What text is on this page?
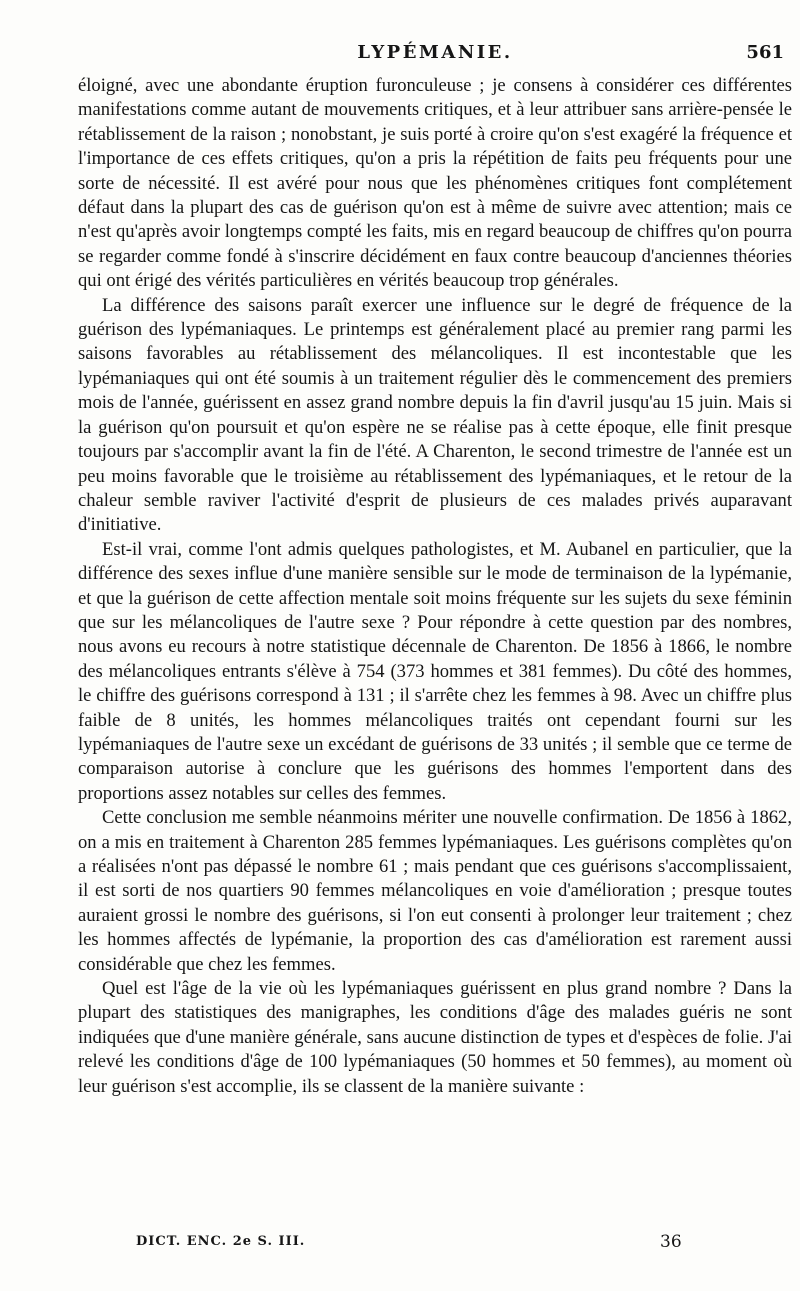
LYPÉMANIE.	561

éloigné, avec une abondante éruption furonculeuse ; je consens à considérer ces différentes manifestations comme autant de mouvements critiques, et à leur attribuer sans arrière-pensée le rétablissement de la raison ; nonobstant, je suis porté à croire qu'on s'est exagéré la fréquence et l'importance de ces effets critiques, qu'on a pris la répétition de faits peu fréquents pour une sorte de nécessité. Il est avéré pour nous que les phénomènes critiques font complétement défaut dans la plupart des cas de guérison qu'on est à même de suivre avec attention; mais ce n'est qu'après avoir longtemps compté les faits, mis en regard beaucoup de chiffres qu'on pourra se regarder comme fondé à s'inscrire décidément en faux contre beaucoup d'anciennes théories qui ont érigé des vérités particulières en vérités beaucoup trop générales.

La différence des saisons paraît exercer une influence sur le degré de fréquence de la guérison des lypémaniaques. Le printemps est généralement placé au premier rang parmi les saisons favorables au rétablissement des mélancoliques. Il est incontestable que les lypémaniaques qui ont été soumis à un traitement régulier dès le commencement des premiers mois de l'année, guérissent en assez grand nombre depuis la fin d'avril jusqu'au 15 juin. Mais si la guérison qu'on poursuit et qu'on espère ne se réalise pas à cette époque, elle finit presque toujours par s'accomplir avant la fin de l'été. A Charenton, le second trimestre de l'année est un peu moins favorable que le troisième au rétablissement des lypémaniaques, et le retour de la chaleur semble raviver l'activité d'esprit de plusieurs de ces malades privés auparavant d'initiative.

Est-il vrai, comme l'ont admis quelques pathologistes, et M. Aubanel en particulier, que la différence des sexes influe d'une manière sensible sur le mode de terminaison de la lypémanie, et que la guérison de cette affection mentale soit moins fréquente sur les sujets du sexe féminin que sur les mélancoliques de l'autre sexe ? Pour répondre à cette question par des nombres, nous avons eu recours à notre statistique décennale de Charenton. De 1856 à 1866, le nombre des mélancoliques entrants s'élève à 754 (373 hommes et 381 femmes). Du côté des hommes, le chiffre des guérisons correspond à 131 ; il s'arrête chez les femmes à 98. Avec un chiffre plus faible de 8 unités, les hommes mélancoliques traités ont cependant fourni sur les lypémaniaques de l'autre sexe un excédant de guérisons de 33 unités ; il semble que ce terme de comparaison autorise à conclure que les guérisons des hommes l'emportent dans des proportions assez notables sur celles des femmes.

Cette conclusion me semble néanmoins mériter une nouvelle confirmation. De 1856 à 1862, on a mis en traitement à Charenton 285 femmes lypémaniaques. Les guérisons complètes qu'on a réalisées n'ont pas dépassé le nombre 61 ; mais pendant que ces guérisons s'accomplissaient, il est sorti de nos quartiers 90 femmes mélancoliques en voie d'amélioration ; presque toutes auraient grossi le nombre des guérisons, si l'on eut consenti à prolonger leur traitement ; chez les hommes affectés de lypémanie, la proportion des cas d'amélioration est rarement aussi considérable que chez les femmes.

Quel est l'âge de la vie où les lypémaniaques guérissent en plus grand nombre ? Dans la plupart des statistiques des manigraphes, les conditions d'âge des malades guéris ne sont indiquées que d'une manière générale, sans aucune distinction de types et d'espèces de folie. J'ai relevé les conditions d'âge de 100 lypémaniaques (50 hommes et 50 femmes), au moment où leur guérison s'est accomplie, ils se classent de la manière suivante :

DICT. ENC. 2e S. III.	36
